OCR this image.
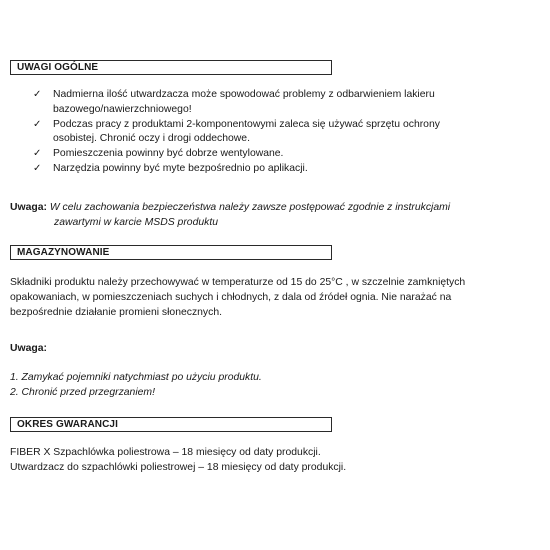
UWAGI OGÓLNE
✓ Nadmierna ilość utwardzacza może spowodować problemy z odbarwieniem lakieru
bazowego/nawierzchniowego!
✓ Podczas pracy z produktami 2-komponentowymi zaleca się używać sprzętu ochrony
osobistej. Chronić oczy i drogi oddechowe.
✓ Pomieszczenia powinny być dobrze wentylowane.
✓ Narzędzia powinny być myte bezpośrednio po aplikacji.
Uwaga: W celu zachowania bezpieczeństwa należy zawsze postępować zgodnie z instrukcjami
zawartymi w karcie MSDS produktu
MAGAZYNOWANIE

Składniki produktu należy przechowywać w temperaturze od 15 do 25°C , w szczelnie zamkniętych

opakowaniach, w pomieszczeniach suchych i chłodnych, z dala od źródeł ognia. Nie narażać na

bezpośrednie działanie promieni słonecznych.

Uwaga:

1. Zamykać pojemniki natychmiast po użyciu produktu.

2. Chronić przed przegrzaniem!

OKRES GWARANCJI

FIBER X Szpachlówka poliestrowa – 18 miesięcy od daty produkcji.

Utwardzacz do szpachlówki poliestrowej – 18 miesięcy od daty produkcji.
